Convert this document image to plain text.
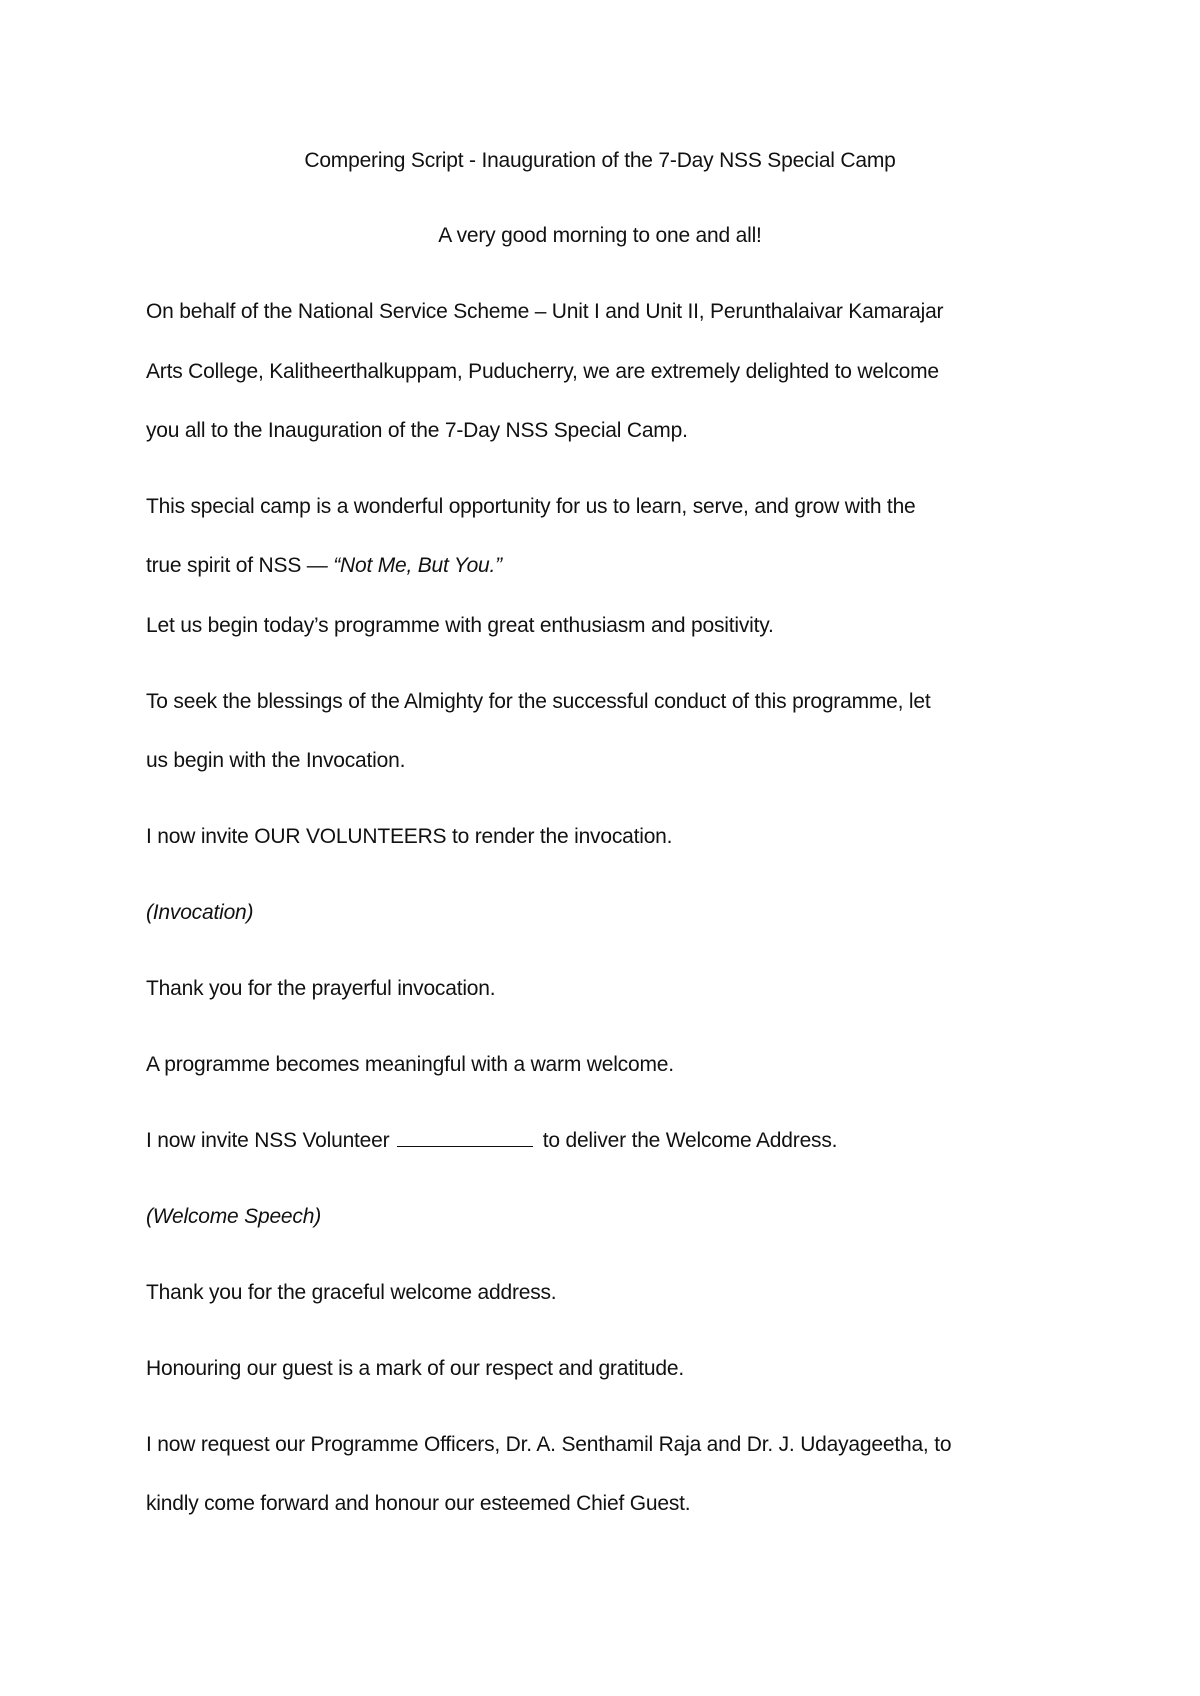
Compering Script - Inauguration of the 7-Day NSS Special Camp
A very good morning to one and all!
On behalf of the National Service Scheme – Unit I and Unit II, Perunthalaivar Kamarajar
Arts College, Kalitheerthalkuppam, Puducherry, we are extremely delighted to welcome
you all to the Inauguration of the 7-Day NSS Special Camp.
This special camp is a wonderful opportunity for us to learn, serve, and grow with the
true spirit of NSS — “Not Me, But You.”
Let us begin today’s programme with great enthusiasm and positivity.
To seek the blessings of the Almighty for the successful conduct of this programme, let
us begin with the Invocation.
I now invite OUR VOLUNTEERS to render the invocation.
(Invocation)
Thank you for the prayerful invocation.
A programme becomes meaningful with a warm welcome.
I now invite NSS Volunteer	to deliver the Welcome Address.
(Welcome Speech)
Thank you for the graceful welcome address.
Honouring our guest is a mark of our respect and gratitude.
I now request our Programme Officers, Dr. A. Senthamil Raja and Dr. J. Udayageetha, to
kindly come forward and honour our esteemed Chief Guest.
